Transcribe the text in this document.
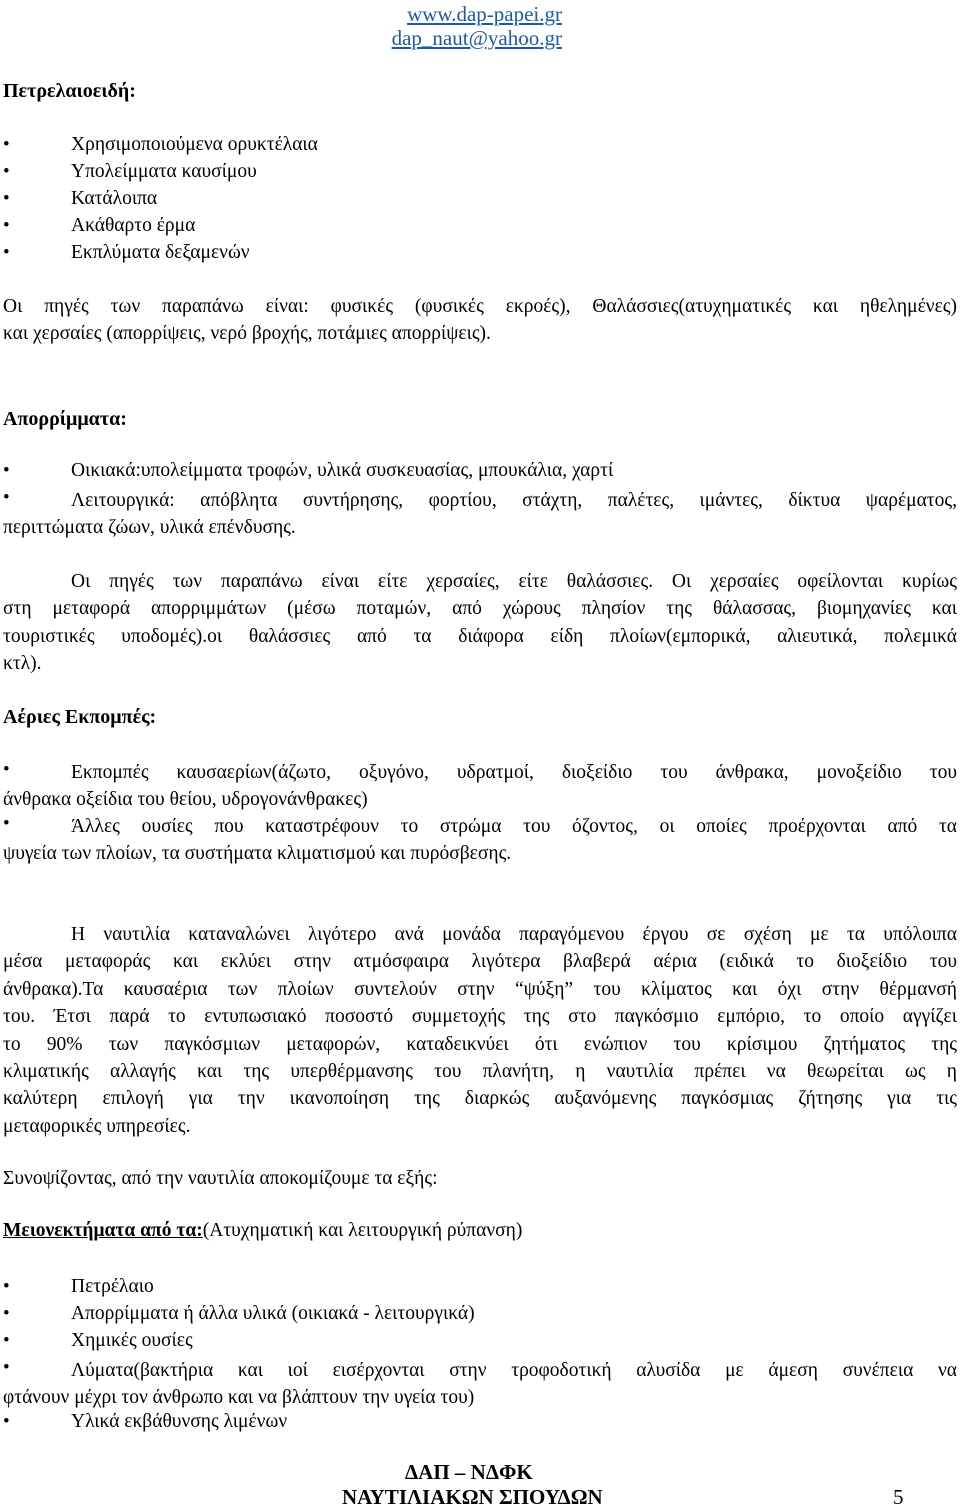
www.dap-papei.gr
dap_naut@yahoo.gr
Πετρελαιοειδή:
•	Χρησιμοποιούμενα ορυκτέλαια
•	Υπολείμματα καυσίμου
•	Κατάλοιπα
•	Ακάθαρτο έρμα
•	Εκπλύματα δεξαμενών
Οι πηγές των παραπάνω είναι: φυσικές (φυσικές εκροές), Θαλάσσιες(ατυχηματικές και ηθελημένες)
και χερσαίες (απορρίψεις, νερό βροχής, ποτάμιες απορρίψεις).
Απορρίμματα:
•	Οικιακά:υπολείμματα τροφών, υλικά συσκευασίας, μπουκάλια, χαρτί
•	Λειτουργικά: απόβλητα συντήρησης, φορτίου, στάχτη, παλέτες, ιμάντες, δίκτυα ψαρέματος,
περιττώματα ζώων, υλικά επένδυσης.
Οι πηγές των παραπάνω είναι είτε χερσαίες, είτε θαλάσσιες. Οι χερσαίες οφείλονται κυρίως
στη μεταφορά απορριμμάτων (μέσω ποταμών, από χώρους πλησίον της θάλασσας, βιομηχανίες και
τουριστικές υποδομές).οι θαλάσσιες από τα διάφορα είδη πλοίων(εμπορικά, αλιευτικά, πολεμικά
κτλ).
Αέριες Εκπομπές:
•	Εκπομπές καυσαερίων(άζωτο, οξυγόνο, υδρατμοί, διοξείδιο του άνθρακα, μονοξείδιο του
άνθρακα οξείδια του θείου, υδρογονάνθρακες)
•	Άλλες ουσίες που καταστρέφουν το στρώμα του όζοντος, οι οποίες προέρχονται από τα
ψυγεία των πλοίων, τα συστήματα κλιματισμού και πυρόσβεσης.
Η ναυτιλία καταναλώνει λιγότερο ανά μονάδα παραγόμενου έργου σε σχέση με τα υπόλοιπα
μέσα μεταφοράς και εκλύει στην ατμόσφαιρα λιγότερα βλαβερά αέρια (ειδικά το διοξείδιο του
άνθρακα).Τα καυσαέρια των πλοίων συντελούν στην “ψύξη” του κλίματος και όχι στην θέρμανσή
του. Έτσι παρά το εντυπωσιακό ποσοστό συμμετοχής της στο παγκόσμιο εμπόριο, το οποίο αγγίζει
το 90% των παγκόσμιων μεταφορών, καταδεικνύει ότι ενώπιον του κρίσιμου ζητήματος της
κλιματικής αλλαγής και της υπερθέρμανσης του πλανήτη, η ναυτιλία πρέπει να θεωρείται ως η
καλύτερη επιλογή για την ικανοποίηση της διαρκώς αυξανόμενης παγκόσμιας ζήτησης για τις
μεταφορικές υπηρεσίες.
Συνοψίζοντας, από την ναυτιλία αποκομίζουμε τα εξής:
Μειονεκτήματα από τα:(Ατυχηματική και λειτουργική ρύπανση)
•	Πετρέλαιο
•	Απορρίμματα ή άλλα υλικά (οικιακά - λειτουργικά)
•	Χημικές ουσίες
•	Λύματα(βακτήρια και ιοί εισέρχονται στην τροφοδοτική αλυσίδα με άμεση συνέπεια να
φτάνουν μέχρι τον άνθρωπο και να βλάπτουν την υγεία του)
•	Υλικά εκβάθυνσης λιμένων
ΔΑΠ – ΝΔΦΚ
ΝΑΥΤΙΛΙΑΚΩΝ ΣΠΟΥΔΩΝ	5
